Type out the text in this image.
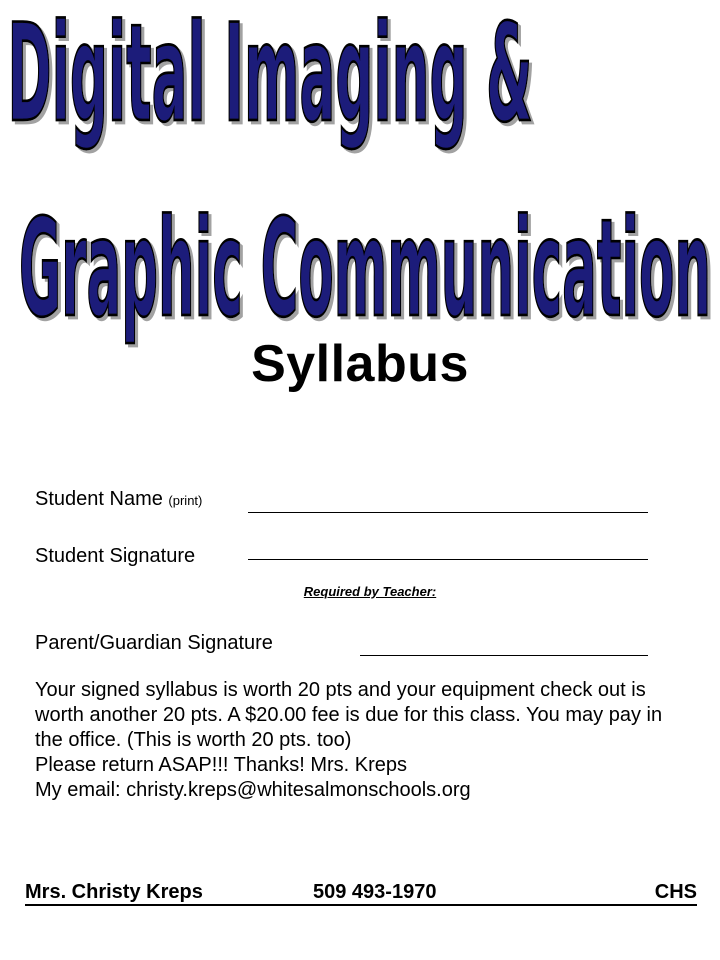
Digital Imaging &
Graphic Communication
Syllabus
Student Name (print)
Student Signature
Required by Teacher:
Parent/Guardian Signature

Your signed syllabus is worth 20 pts and your equipment check out is worth another 20 pts. A $20.00 fee is due for this class. You may pay in the office. (This is worth 20 pts. too)

Please return ASAP!!! Thanks! Mrs. Kreps

My email: christy.kreps@whitesalmonschools.org

Mrs. Christy Kreps	509 493-1970	CHS
